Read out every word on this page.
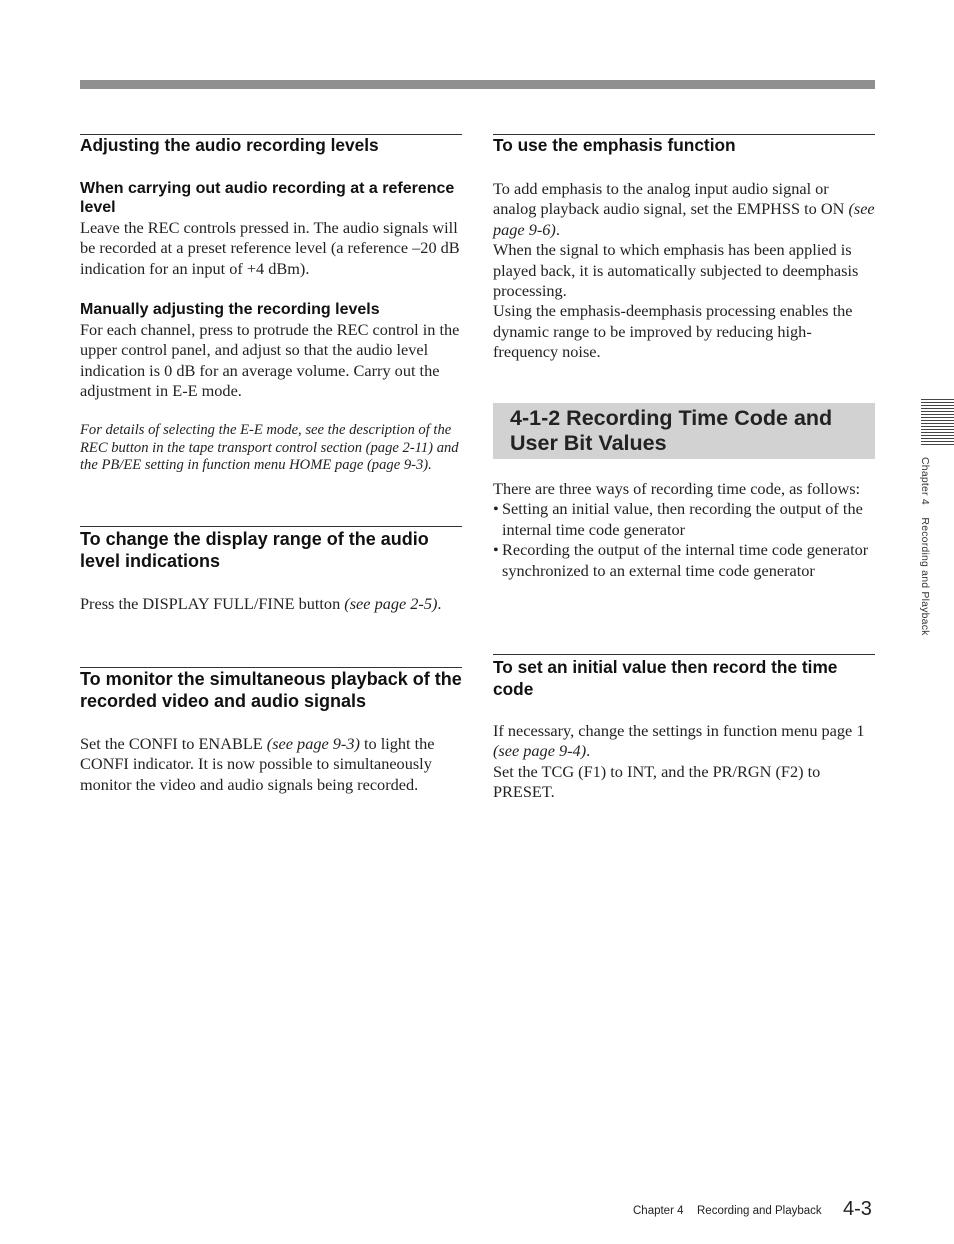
Adjusting the audio recording levels
When carrying out audio recording at a reference level
Leave the REC controls pressed in. The audio signals will be recorded at a preset reference level (a reference –20 dB indication for an input of +4 dBm).
Manually adjusting the recording levels
For each channel, press to protrude the REC control in the upper control panel, and adjust so that the audio level indication is 0 dB for an average volume. Carry out the adjustment in E-E mode.
For details of selecting the E-E mode, see the description of the REC button in the tape transport control section (page 2-11) and the PB/EE setting in function menu HOME page (page 9-3).
To change the display range of the audio level indications
Press the DISPLAY FULL/FINE button (see page 2-5).
To monitor the simultaneous playback of the recorded video and audio signals
Set the CONFI to ENABLE (see page 9-3) to light the CONFI indicator. It is now possible to simultaneously monitor the video and audio signals being recorded.
To use the emphasis function
To add emphasis to the analog input audio signal or analog playback audio signal, set the EMPHSS to ON (see page 9-6).
When the signal to which emphasis has been applied is played back, it is automatically subjected to deemphasis processing.
Using the emphasis-deemphasis processing enables the dynamic range to be improved by reducing high-frequency noise.
4-1-2 Recording Time Code and User Bit Values
There are three ways of recording time code, as follows:
• Setting an initial value, then recording the output of the internal time code generator
• Recording the output of the internal time code generator synchronized to an external time code generator
To set an initial value then record the time code
If necessary, change the settings in function menu page 1 (see page 9-4).
Set the TCG (F1) to INT, and the PR/RGN (F2) to PRESET.
Chapter 4    Recording and Playback
Chapter 4 Recording and Playback 4-3
